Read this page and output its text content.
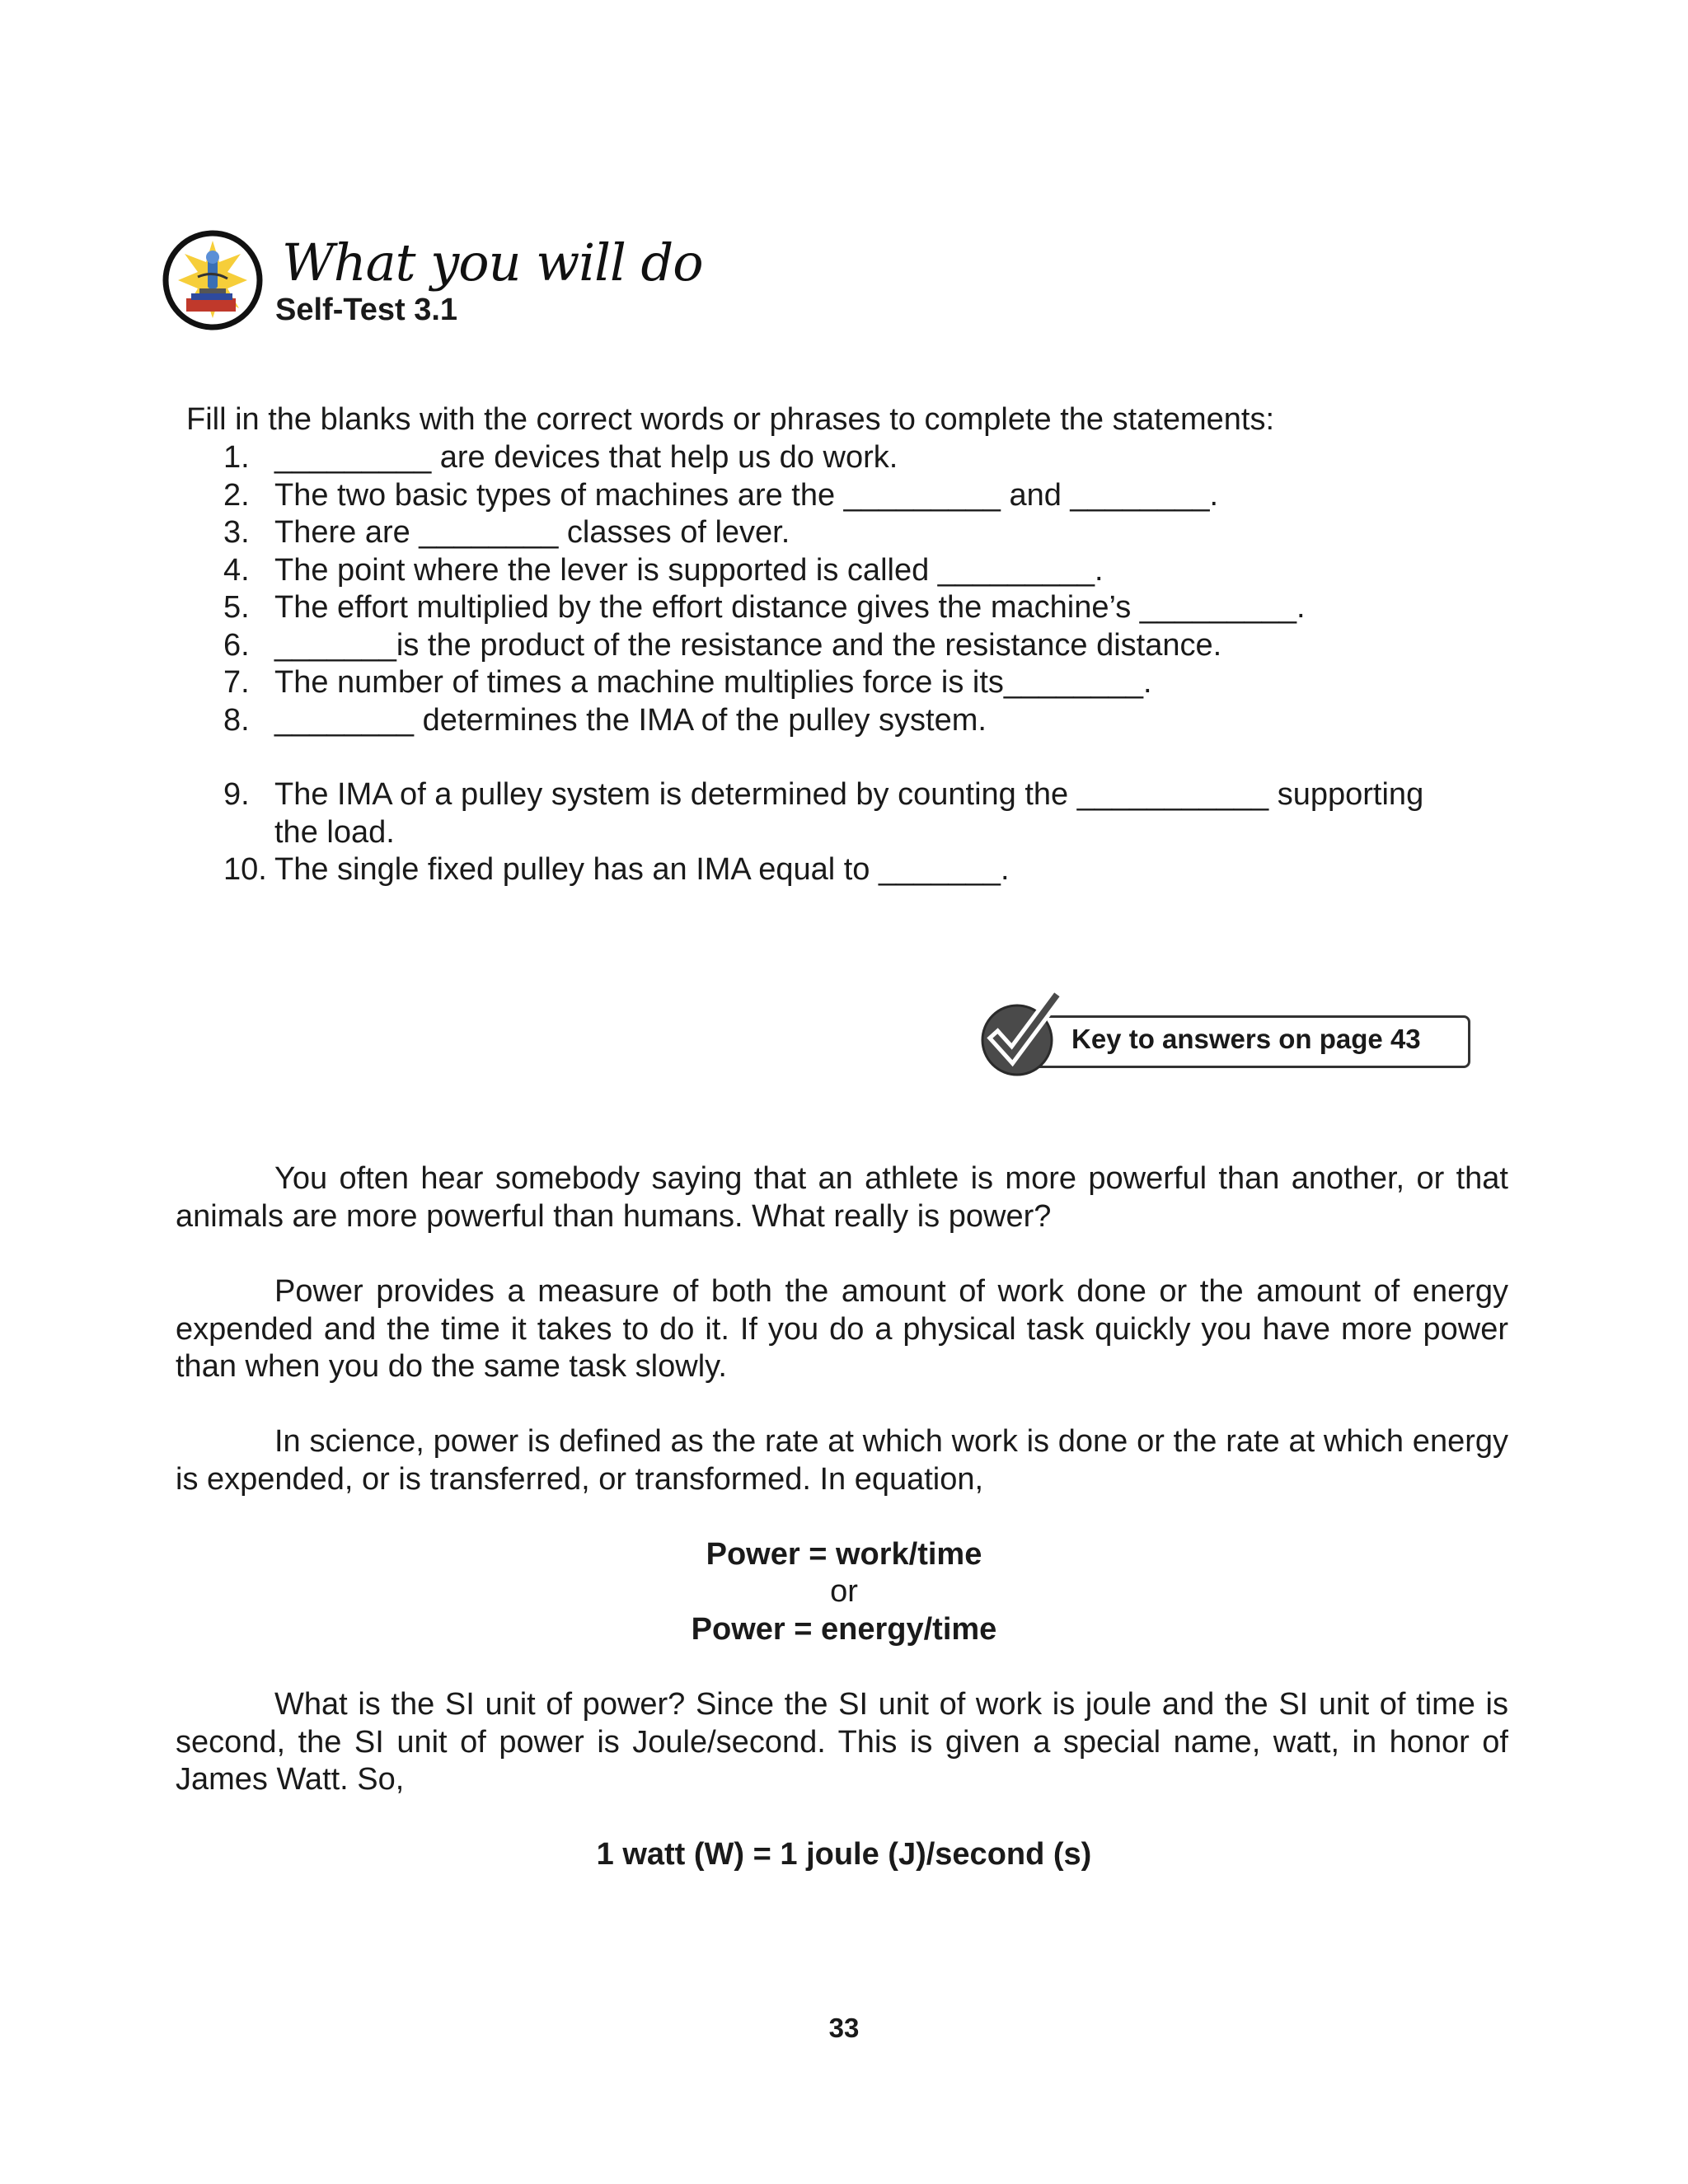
What you will do
Self-Test 3.1
Fill in the blanks with the correct words or phrases to complete the statements:
1. _________ are devices that help us do work.
2. The two basic types of machines are the _________ and ________.
3. There are ________ classes of lever.
4. The point where the lever is supported is called _________.
5. The effort multiplied by the effort distance gives the machine’s _________.
6. _______is the product of the resistance and the resistance distance.
7. The number of times a machine multiplies force is its________.
8. ________ determines the IMA of the pulley system.
9. The IMA of a pulley system is determined by counting the ___________ supporting
the load.
10. The single fixed pulley has an IMA equal to _______.
Key to answers on page 43
You often hear somebody saying that an athlete is more powerful than another, or that animals are more powerful than humans. What really is power?
Power provides a measure of both the amount of work done or the amount of energy expended and the time it takes to do it. If you do a physical task quickly you have more power than when you do the same task slowly.
In science, power is defined as the rate at which work is done or the rate at which energy is expended, or is transferred, or transformed. In equation,
Power = work/time
or
Power = energy/time
What is the SI unit of power? Since the SI unit of work is joule and the SI unit of time is second, the SI unit of power is Joule/second. This is given a special name, watt, in honor of James Watt. So,
1 watt (W) = 1 joule (J)/second (s)
33
